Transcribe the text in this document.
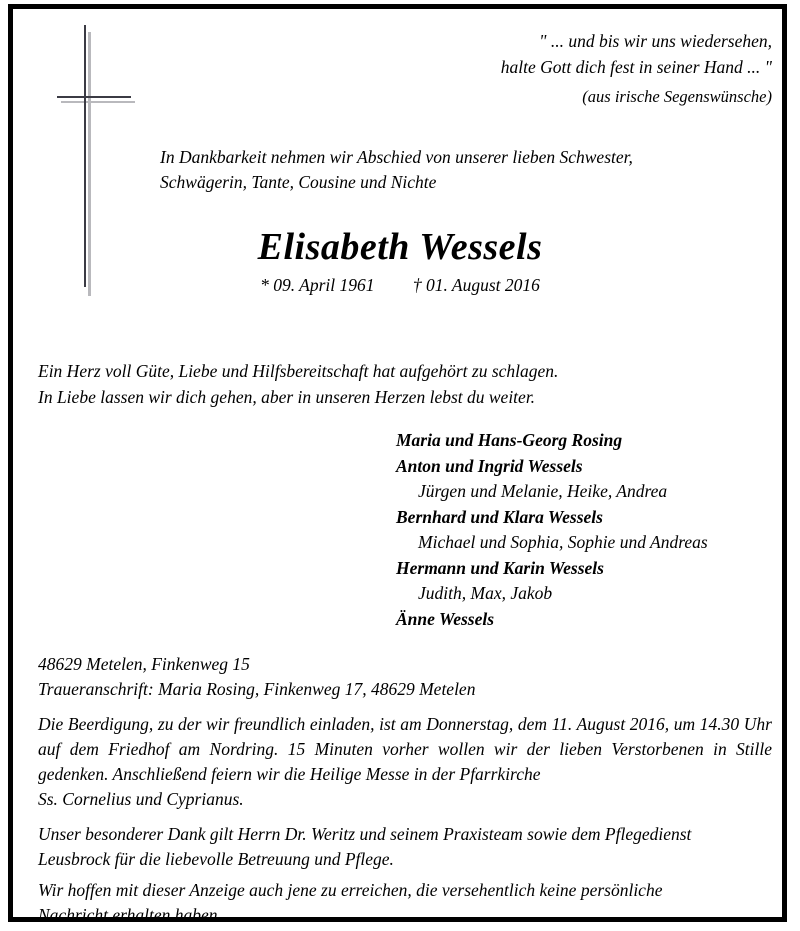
" ... und bis wir uns wiedersehen,
halte Gott dich fest in seiner Hand ... "
(aus irische Segenswünsche)
In Dankbarkeit nehmen wir Abschied von unserer lieben Schwester,
Schwägerin, Tante, Cousine und Nichte
Elisabeth Wessels
* 09. April 1961 † 01. August 2016
Ein Herz voll Güte, Liebe und Hilfsbereitschaft hat aufgehört zu schlagen.
In Liebe lassen wir dich gehen, aber in unseren Herzen lebst du weiter.
Maria und Hans-Georg Rosing
Anton und Ingrid Wessels
Jürgen und Melanie, Heike, Andrea
Bernhard und Klara Wessels
Michael und Sophia, Sophie und Andreas
Hermann und Karin Wessels
Judith, Max, Jakob
Änne Wessels
48629 Metelen, Finkenweg 15
Traueranschrift: Maria Rosing, Finkenweg 17, 48629 Metelen
Die Beerdigung, zu der wir freundlich einladen, ist am Donnerstag, dem 11. August 2016, um 14.30 Uhr auf dem Friedhof am Nordring. 15 Minuten vorher wollen wir der lieben Verstorbenen in Stille gedenken. Anschließend feiern wir die Heilige Messe in der Pfarrkirche
Ss. Cornelius und Cyprianus.
Unser besonderer Dank gilt Herrn Dr. Weritz und seinem Praxisteam sowie dem Pflegedienst
Leusbrock für die liebevolle Betreuung und Pflege.
Wir hoffen mit dieser Anzeige auch jene zu erreichen, die versehentlich keine persönliche
Nachricht erhalten haben.
